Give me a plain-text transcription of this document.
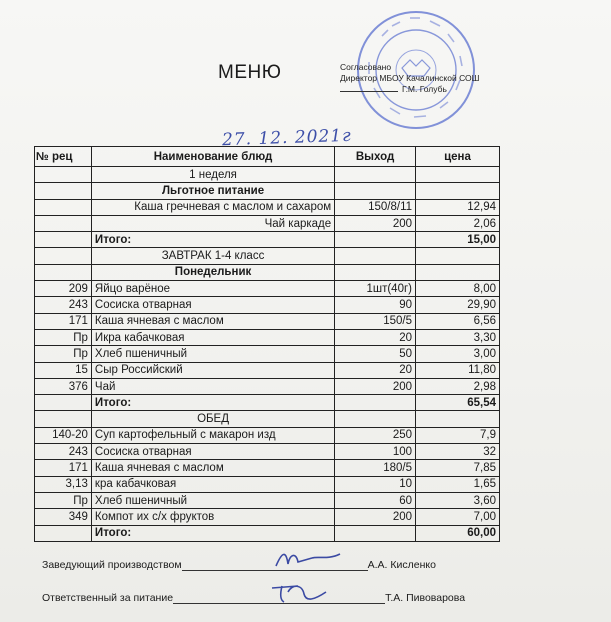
МЕНЮ	Согласовано
Директор МБОУ Качалинской СОШ
Г.М. Голубь
27. 12. 2021г
№ рец	Наименование блюд	Выход	цена
	1 неделя		
	Льготное питание		
	Каша гречневая с маслом и сахаром	150/8/11	12,94
	Чай каркаде	200	2,06
	Итого:		15,00
	ЗАВТРАК 1-4 класс		
	Понедельник		
209	Яйцо варёное	1шт(40г)	8,00
243	Сосиска отварная	90	29,90
171	Каша ячневая с маслом	150/5	6,56
Пр	Икра кабачковая	20	3,30
Пр	Хлеб пшеничный	50	3,00
15	Сыр Российский	20	11,80
376	Чай	200	2,98
	Итого:		65,54
	ОБЕД		
140-20	Суп картофельный с макарон изд	250	7,9
243	Сосиска отварная	100	32
171	Каша ячневая с маслом	180/5	7,85
3,13	кра кабачковая	10	1,65
Пр	Хлеб пшеничный	60	3,60
349	Компот их с/х фруктов	200	7,00
	Итого:		60,00
Заведующий производством	А.А. Кисленко
Ответственный за питание	Т.А. Пивоварова
